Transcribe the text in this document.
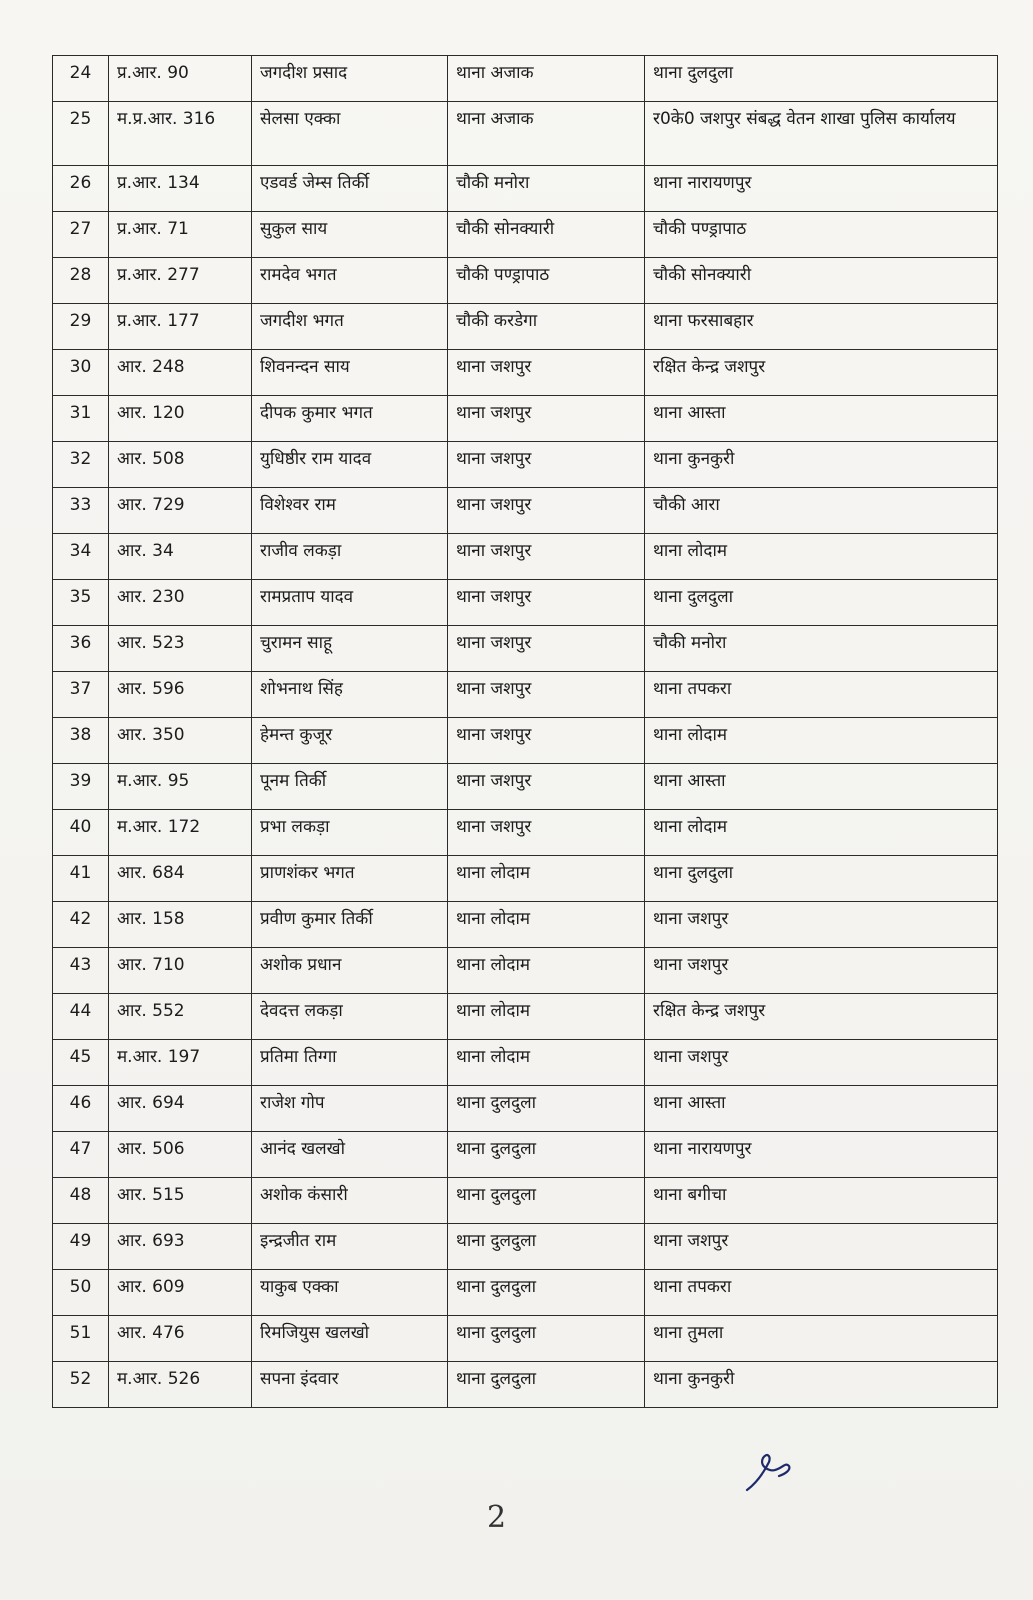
24	प्र.आर. 90	जगदीश प्रसाद	थाना अजाक	थाना दुलदुला
25	म.प्र.आर. 316	सेलसा एक्का	थाना अजाक	र0के0 जशपुर संबद्ध वेतन शाखा पुलिस कार्यालय
26	प्र.आर. 134	एडवर्ड जेम्स तिर्की	चौकी मनोरा	थाना नारायणपुर
27	प्र.आर. 71	सुकुल साय	चौकी सोनक्यारी	चौकी पण्ड्रापाठ
28	प्र.आर. 277	रामदेव भगत	चौकी पण्ड्रापाठ	चौकी सोनक्यारी
29	प्र.आर. 177	जगदीश भगत	चौकी करडेगा	थाना फरसाबहार
30	आर. 248	शिवनन्दन साय	थाना जशपुर	रक्षित केन्द्र जशपुर
31	आर. 120	दीपक कुमार भगत	थाना जशपुर	थाना आस्ता
32	आर. 508	युधिष्ठीर राम यादव	थाना जशपुर	थाना कुनकुरी
33	आर. 729	विशेश्वर राम	थाना जशपुर	चौकी आरा
34	आर. 34	राजीव लकड़ा	थाना जशपुर	थाना लोदाम
35	आर. 230	रामप्रताप यादव	थाना जशपुर	थाना दुलदुला
36	आर. 523	चुरामन साहू	थाना जशपुर	चौकी मनोरा
37	आर. 596	शोभनाथ सिंह	थाना जशपुर	थाना तपकरा
38	आर. 350	हेमन्त कुजूर	थाना जशपुर	थाना लोदाम
39	म.आर. 95	पूनम तिर्की	थाना जशपुर	थाना आस्ता
40	म.आर. 172	प्रभा लकड़ा	थाना जशपुर	थाना लोदाम
41	आर. 684	प्राणशंकर भगत	थाना लोदाम	थाना दुलदुला
42	आर. 158	प्रवीण कुमार तिर्की	थाना लोदाम	थाना जशपुर
43	आर. 710	अशोक प्रधान	थाना लोदाम	थाना जशपुर
44	आर. 552	देवदत्त लकड़ा	थाना लोदाम	रक्षित केन्द्र जशपुर
45	म.आर. 197	प्रतिमा तिग्गा	थाना लोदाम	थाना जशपुर
46	आर. 694	राजेश गोप	थाना दुलदुला	थाना आस्ता
47	आर. 506	आनंद खलखो	थाना दुलदुला	थाना नारायणपुर
48	आर. 515	अशोक कंसारी	थाना दुलदुला	थाना बगीचा
49	आर. 693	इन्द्रजीत राम	थाना दुलदुला	थाना जशपुर
50	आर. 609	याकुब एक्का	थाना दुलदुला	थाना तपकरा
51	आर. 476	रिमजियुस खलखो	थाना दुलदुला	थाना तुमला
52	म.आर. 526	सपना इंदवार	थाना दुलदुला	थाना कुनकुरी
2
